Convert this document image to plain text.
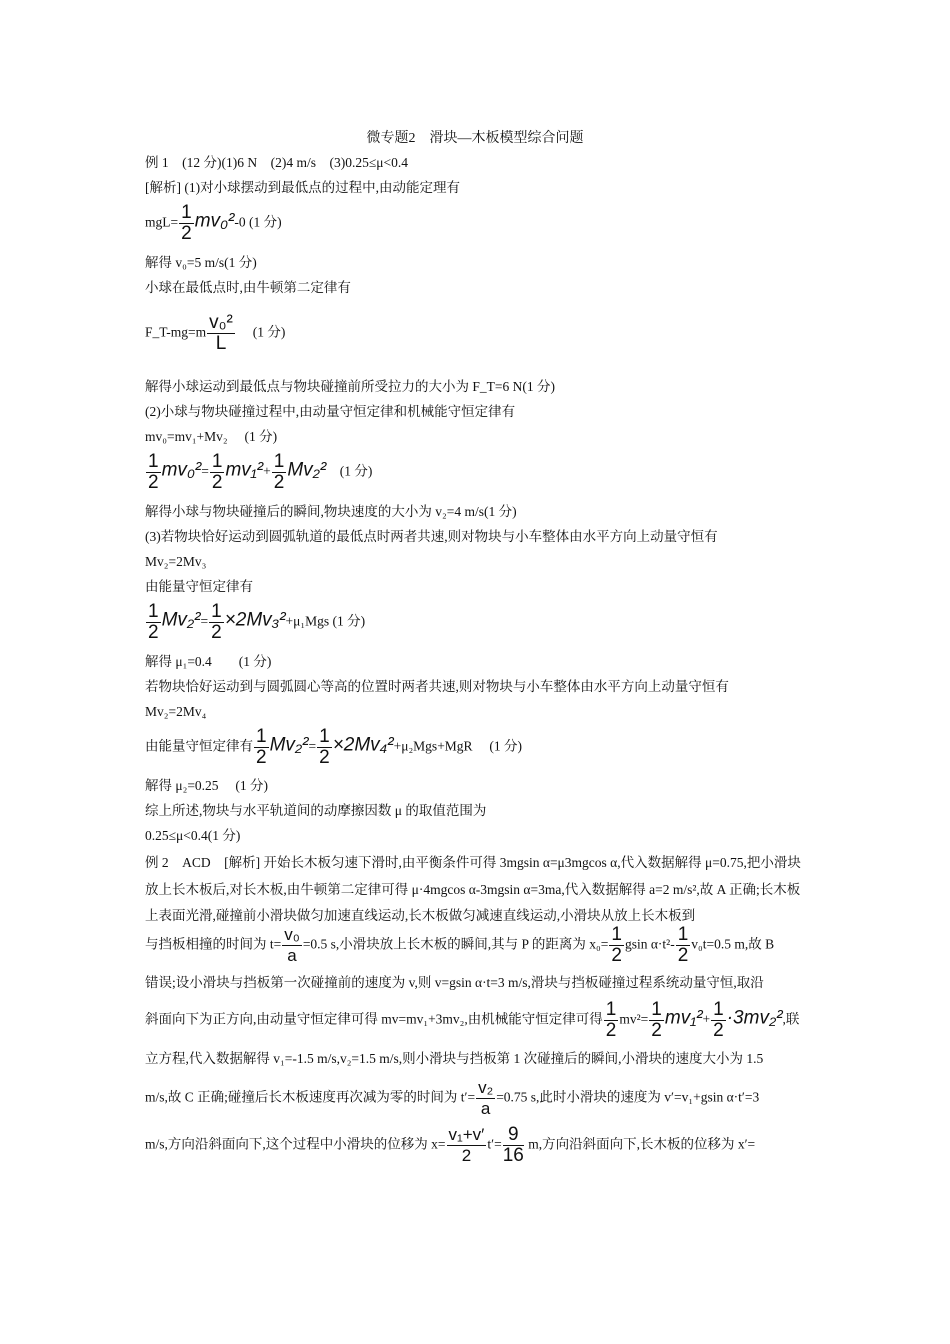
微专题2　滑块—木板模型综合问题
例 1　(12 分)(1)6 N　(2)4 m/s　(3)0.25≤μ<0.4
[解析] (1)对小球摆动到最低点的过程中,由动能定理有
$mgL= \frac{1}{2} mv_0^2-0$ (1 分)
解得 v₀=5 m/s(1 分)
小球在最低点时,由牛顿第二定律有
F_T-mg=m $\frac{\text{v₀²}}{L}$
　 (1 分)
解得小球运动到最低点与物块碰撞前所受拉力的大小为 F_T=6 N(1 分)
(2)小球与物块碰撞过程中,由动量守恒定律和机械能守恒定律有
mv₀=mv₁+Mv₂　 (1 分)
$\frac{1}{2} mv_0^2= \frac{1}{2} mv_1^2+ \frac{1}{2} Mv_2^2$　 (1 分)
解得小球与物块碰撞后的瞬间,物块速度的大小为 v₂=4 m/s(1 分)
(3)若物块恰好运动到圆弧轨道的最低点时两者共速,则对物块与小车整体由水平方向上动量守恒有
Mv₂=2Mv₃
由能量守恒定律有
$\frac{1}{2} Mv_2^2= \frac{1}{2} \times 2Mv_3^2+\mu_1Mgs$ (1 分)
解得 μ₁=0.4　　(1 分)
若物块恰好运动到与圆弧圆心等高的位置时两者共速,则对物块与小车整体由水平方向上动量守恒有
Mv₂=2Mv₄
由能量守恒定律有 $\frac{1}{2} Mv_2^2= \frac{1}{2} \times 2Mv_4^2+\mu_2Mgs+MgR$　 (1 分)
解得 μ₂=0.25　 (1 分)
综上所述,物块与水平轨道间的动摩擦因数 μ 的取值范围为
0.25≤μ<0.4(1 分)
例 2　ACD　[解析] 开始长木板匀速下滑时,由平衡条件可得 3mgsin α=μ3mgcos α,代入数据解得 μ=0.75,把小滑块放上长木板后,对长木板,由牛顿第二定律可得 μ·4mgcos α-3mgsin α=3ma,代入数据解得 a=2 m/s²,故 A 正确;长木板上表面光滑,碰撞前小滑块做匀加速直线运动,长木板做匀减速直线运动,小滑块从放上长木板到
与挡板相撞的时间为 $t= \frac{\text{v₀}}{a} =0.5$ s,小滑块放上长木板的瞬间,其与 P 的距离为 $x_0= \frac{1}{2}$ gsin $\alpha\cdot t^2- \frac{1}{2} v_0t=0.5$ m,故 B
错误;设小滑块与挡板第一次碰撞前的速度为 v,则 v=gsin α·t=3 m/s,滑块与挡板碰撞过程系统动量守恒,取沿
斜面向下为正方向,由动量守恒定律可得 mv=mv₁+3mv₂,由机械能守恒定律可得 $\frac{1}{2} mv^2= \frac{1}{2} mv_1^2+ \frac{1}{2} \cdot 3mv_2^2$,联
立方程,代入数据解得 v₁=-1.5 m/s,v₂=1.5 m/s,则小滑块与挡板第 1 次碰撞后的瞬间,小滑块的速度大小为 1.5
m/s,故 C 正确;碰撞后长木板速度再次减为零的时间为 $t'= \frac{\text{v₂}}{a} =0.75$ s,此时小滑块的速度为 v′=v₁+gsin α·t′=3
m/s,方向沿斜面向下,这个过程中小滑块的位移为 $x= \frac{\text{v₁+v′}}{2} t'= \frac{9}{16} m$,方向沿斜面向下,长木板的位移为 x′=
